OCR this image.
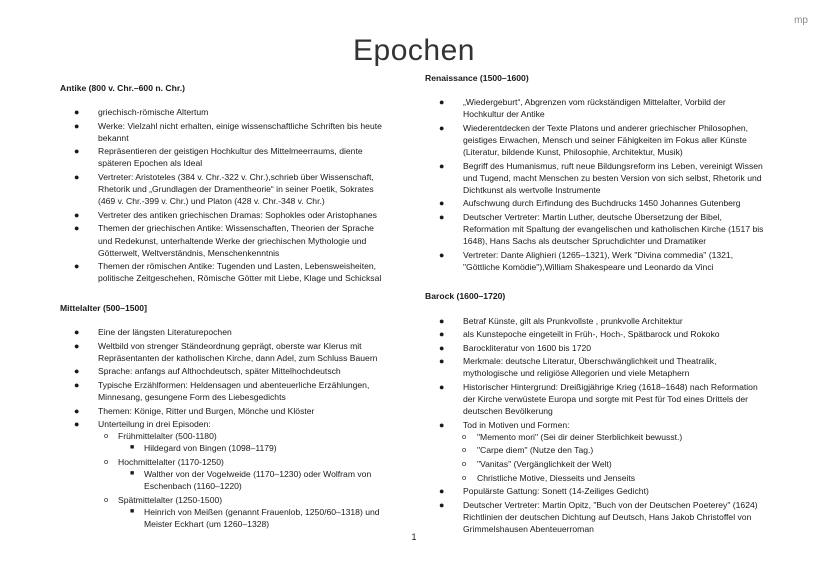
mp
Epochen
Antike (800 v. Chr.–600 n. Chr.)
● griechisch-römische Altertum
● Werke: Vielzahl nicht erhalten, einige wissenschaftliche Schriften bis heute bekannt
● Repräsentieren der geistigen Hochkultur des Mittelmeerraums, diente späteren Epochen als Ideal
● Vertreter: Aristoteles (384 v. Chr.-322 v. Chr.),schrieb über Wissenschaft, Rhetorik und „Grundlagen der Dramentheorie“ in seiner Poetik, Sokrates (469 v. Chr.-399 v. Chr.) und Platon (428 v. Chr.-348 v. Chr.)
● Vertreter des antiken griechischen Dramas: Sophokles oder Aristophanes
● Themen der griechischen Antike: Wissenschaften, Theorien der Sprache und Redekunst, unterhaltende Werke der griechischen Mythologie und Götterwelt, Weltverständnis, Menschenkenntnis
● Themen der römischen Antike: Tugenden und Lasten, Lebensweisheiten, politische Zeitgeschehen, Römische Götter mit Liebe, Klage und Schicksal
Mittelalter (500–1500]
● Eine der längsten Literaturepochen
● Weltbild von strenger Ständeordnung geprägt, oberste war Klerus mit Repräsentanten der katholischen Kirche, dann Adel, zum Schluss Bauern
● Sprache: anfangs auf Althochdeutsch, später Mittelhochdeutsch
● Typische Erzählformen: Heldensagen und abenteuerliche Erzählungen, Minnesang, gesungene Form des Liebesgedichts
● Themen: Könige, Ritter und Burgen, Mönche und Klöster
● Unterteilung in drei Episoden:
o Frühmittelalter (500-1180)
■ Hildegard von Bingen (1098–1179)
o Hochmittelalter (1170-1250)
■ Walther von der Vogelweide (1170–1230) oder Wolfram von Eschenbach (1160–1220)
o Spätmittelalter (1250-1500)
■ Heinrich von Meißen (genannt Frauenlob, 1250/60–1318) und Meister Eckhart (um 1260–1328)
Renaissance (1500–1600)
● „Wiedergeburt“, Abgrenzen vom rückständigen Mittelalter, Vorbild der Hochkultur der Antike
● Wiederentdecken der Texte Platons und anderer griechischer Philosophen, geistiges Erwachen, Mensch und seiner Fähigkeiten im Fokus aller Künste (Literatur, bildende Kunst, Philosophie, Architektur, Musik)
● Begriff des Humanismus, ruft neue Bildungsreform ins Leben, vereinigt Wissen und Tugend, macht Menschen zu besten Version von sich selbst, Rhetorik und Dichtkunst als wertvolle Instrumente
● Aufschwung durch Erfindung des Buchdrucks 1450 Johannes Gutenberg
● Deutscher Vertreter: Martin Luther, deutsche Übersetzung der Bibel, Reformation mit Spaltung der evangelischen und katholischen Kirche (1517 bis 1648), Hans Sachs als deutscher Spruchdichter und Dramatiker
● Vertreter: Dante Alighieri (1265–1321), Werk "Divina commedia" (1321, "Göttliche Komödie"),William Shakespeare und Leonardo da Vinci
Barock (1600–1720)
● Betraf Künste, gilt als Prunkvollste , prunkvolle Architektur
● als Kunstepoche eingeteilt in Früh-, Hoch-, Spätbarock und Rokoko
● Barockliteratur von 1600 bis 1720
● Merkmale: deutsche Literatur, Überschwänglichkeit und Theatralik, mythologische und religiöse Allegorien und viele Metaphern
● Historischer Hintergrund: Dreißigjährige Krieg (1618–1648) nach Reformation der Kirche verwüstete Europa und sorgte mit Pest für Tod eines Drittels der deutschen Bevölkerung
● Tod in Motiven und Formen:
o "Memento mori" (Sei dir deiner Sterblichkeit bewusst.)
o "Carpe diem" (Nutze den Tag.)
o "Vanitas" (Vergänglichkeit der Welt)
o Christliche Motive, Diesseits und Jenseits
● Populärste Gattung: Sonett (14-Zeiliges Gedicht)
● Deutscher Vertreter: Martin Opitz, "Buch von der Deutschen Poeterey" (1624) Richtlinien der deutschen Dichtung auf Deutsch, Hans Jakob Christoffel von Grimmelshausen Abenteuerroman
1
